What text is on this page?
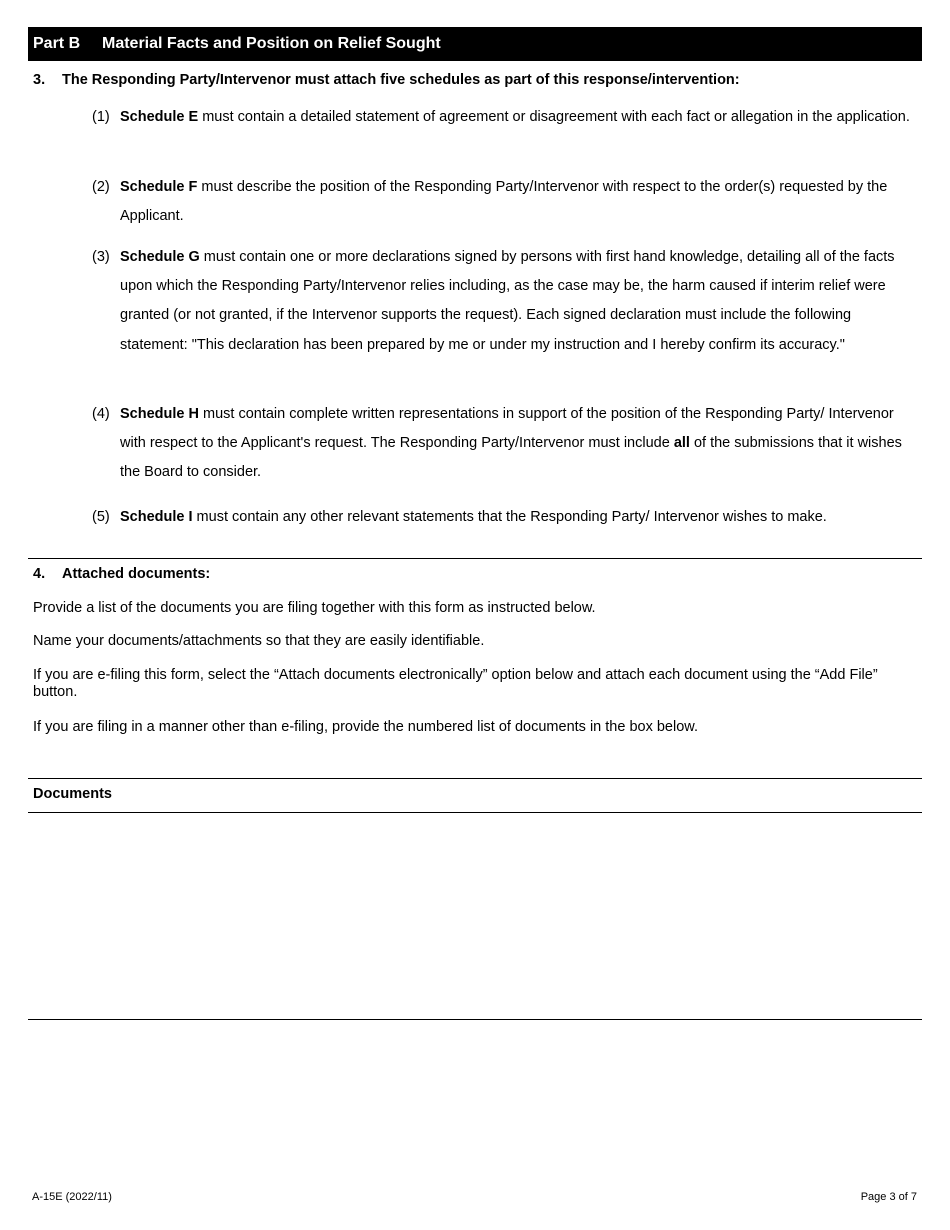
Part B	Material Facts and Position on Relief Sought
3. The Responding Party/Intervenor must attach five schedules as part of this response/intervention:
(1) Schedule E must contain a detailed statement of agreement or disagreement with each fact or allegation in the application.
(2) Schedule F must describe the position of the Responding Party/Intervenor with respect to the order(s) requested by the Applicant.
(3) Schedule G must contain one or more declarations signed by persons with first hand knowledge, detailing all of the facts upon which the Responding Party/Intervenor relies including, as the case may be, the harm caused if interim relief were granted (or not granted, if the Intervenor supports the request). Each signed declaration must include the following statement: "This declaration has been prepared by me or under my instruction and I hereby confirm its accuracy."
(4) Schedule H must contain complete written representations in support of the position of the Responding Party/ Intervenor with respect to the Applicant's request. The Responding Party/Intervenor must include all of the submissions that it wishes the Board to consider.
(5) Schedule I must contain any other relevant statements that the Responding Party/ Intervenor wishes to make.
4. Attached documents:
Provide a list of the documents you are filing together with this form as instructed below.
Name your documents/attachments so that they are easily identifiable.
If you are e-filing this form, select the “Attach documents electronically” option below and attach each document using the “Add File” button.
If you are filing in a manner other than e-filing, provide the numbered list of documents in the box below.
Documents
A-15E (2022/11)	Page 3 of 7
